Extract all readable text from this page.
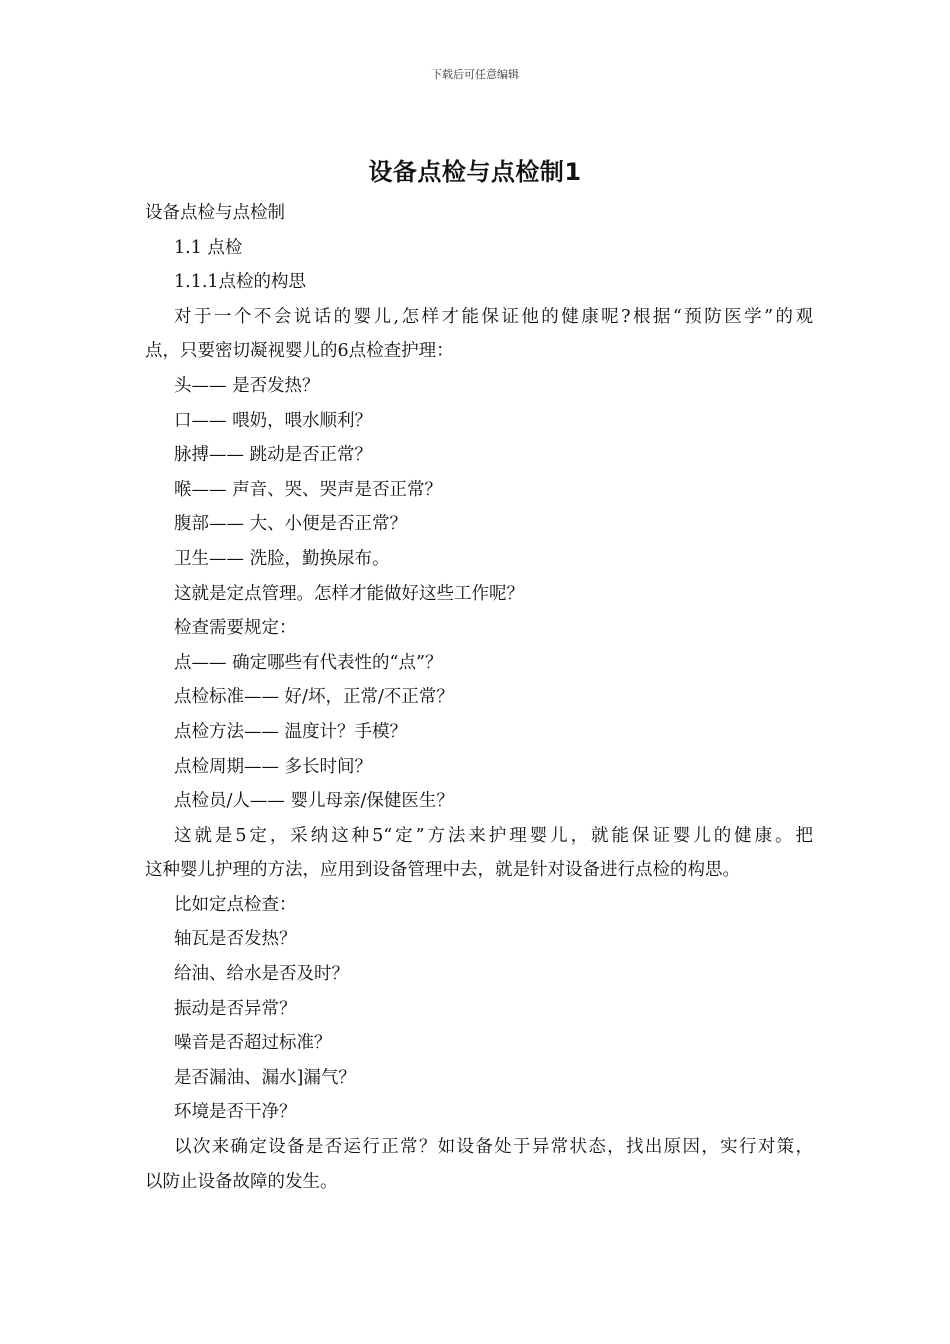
下载后可任意编辑
设备点检与点检制1
设备点检与点检制
1.1 点检
1.1.1点检的构思
对于一个不会说话的婴儿,怎样才能保证他的健康呢?根据“预防医学”的观
点，只要密切凝视婴儿的6点检查护理：
头—— 是否发热？
口—— 喂奶，喂水顺利？
脉搏—— 跳动是否正常？
喉—— 声音、哭、哭声是否正常？
腹部—— 大、小便是否正常？
卫生—— 洗脸，勤换尿布。
这就是定点管理。怎样才能做好这些工作呢？
检查需要规定：
点—— 确定哪些有代表性的“点”？
点检标准—— 好/坏，正常/不正常？
点检方法—— 温度计？手模？
点检周期—— 多长时间？
点检员/人—— 婴儿母亲/保健医生？
这就是5定，采纳这种5“定”方法来护理婴儿，就能保证婴儿的健康。把
这种婴儿护理的方法，应用到设备管理中去，就是针对设备进行点检的构思。
比如定点检查：
轴瓦是否发热？
给油、给水是否及时？
振动是否异常？
噪音是否超过标准？
是否漏油、漏水]漏气？
环境是否干净？
以次来确定设备是否运行正常？如设备处于异常状态，找出原因，实行对策，
以防止设备故障的发生。
